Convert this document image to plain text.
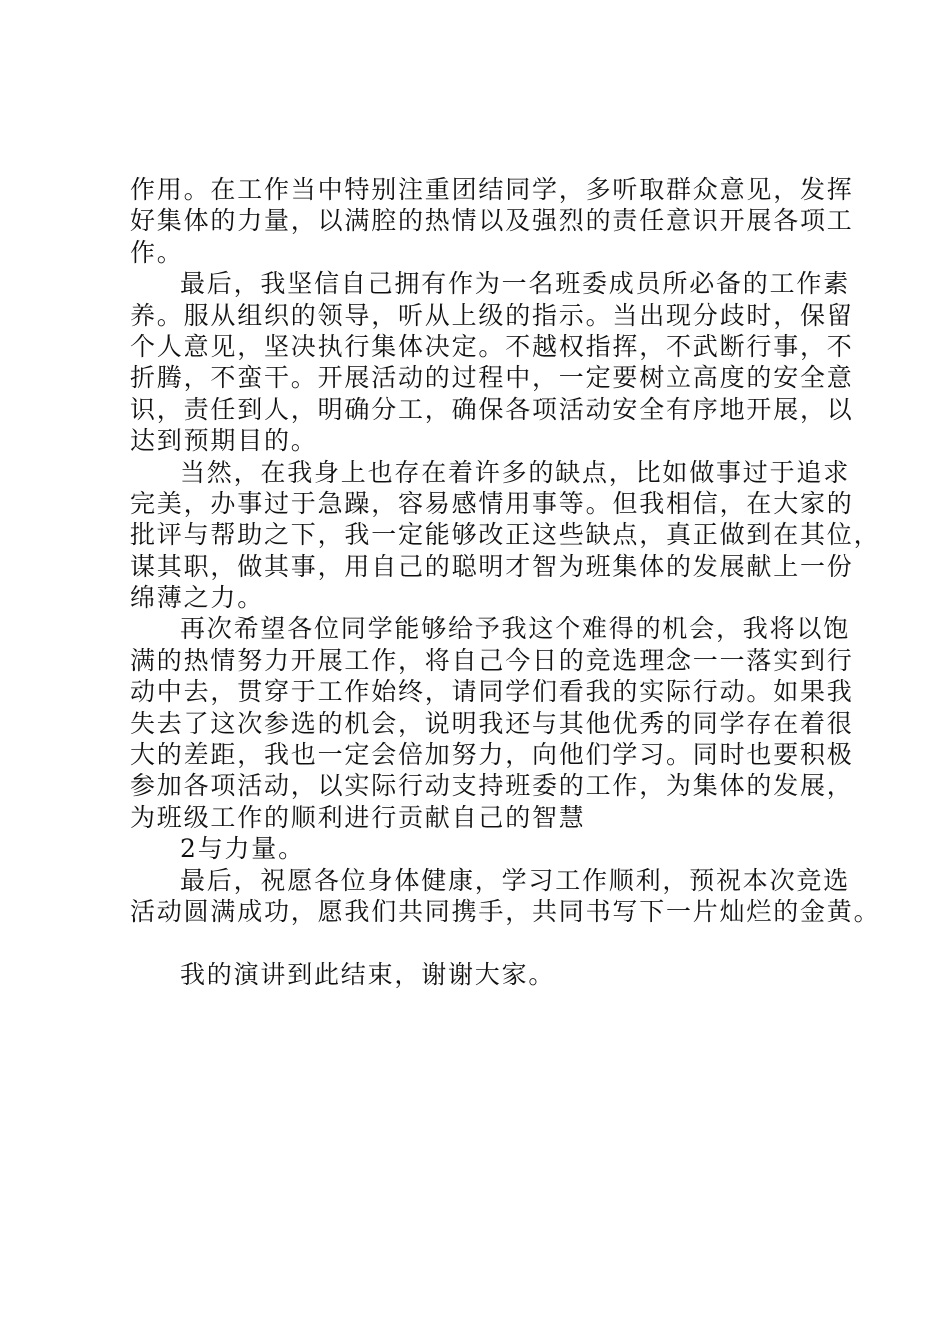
作用。在工作当中特别注重团结同学，多听取群众意见，发挥
好集体的力量，以满腔的热情以及强烈的责任意识开展各项工
作。

最后，我坚信自己拥有作为一名班委成员所必备的工作素
养。服从组织的领导，听从上级的指示。当出现分歧时，保留
个人意见，坚决执行集体决定。不越权指挥，不武断行事，不
折腾，不蛮干。开展活动的过程中，一定要树立高度的安全意
识，责任到人，明确分工，确保各项活动安全有序地开展，以
达到预期目的。

当然，在我身上也存在着许多的缺点，比如做事过于追求
完美，办事过于急躁，容易感情用事等。但我相信，在大家的
批评与帮助之下，我一定能够改正这些缺点，真正做到在其位，
谋其职，做其事，用自己的聪明才智为班集体的发展献上一份
绵薄之力。

再次希望各位同学能够给予我这个难得的机会，我将以饱
满的热情努力开展工作，将自己今日的竞选理念一一落实到行
动中去，贯穿于工作始终，请同学们看我的实际行动。如果我
失去了这次参选的机会，说明我还与其他优秀的同学存在着很
大的差距，我也一定会倍加努力，向他们学习。同时也要积极
参加各项活动，以实际行动支持班委的工作，为集体的发展，
为班级工作的顺利进行贡献自己的智慧

2与力量。

最后，祝愿各位身体健康，学习工作顺利，预祝本次竞选
活动圆满成功，愿我们共同携手，共同书写下一片灿烂的金黄。

我的演讲到此结束，谢谢大家。
